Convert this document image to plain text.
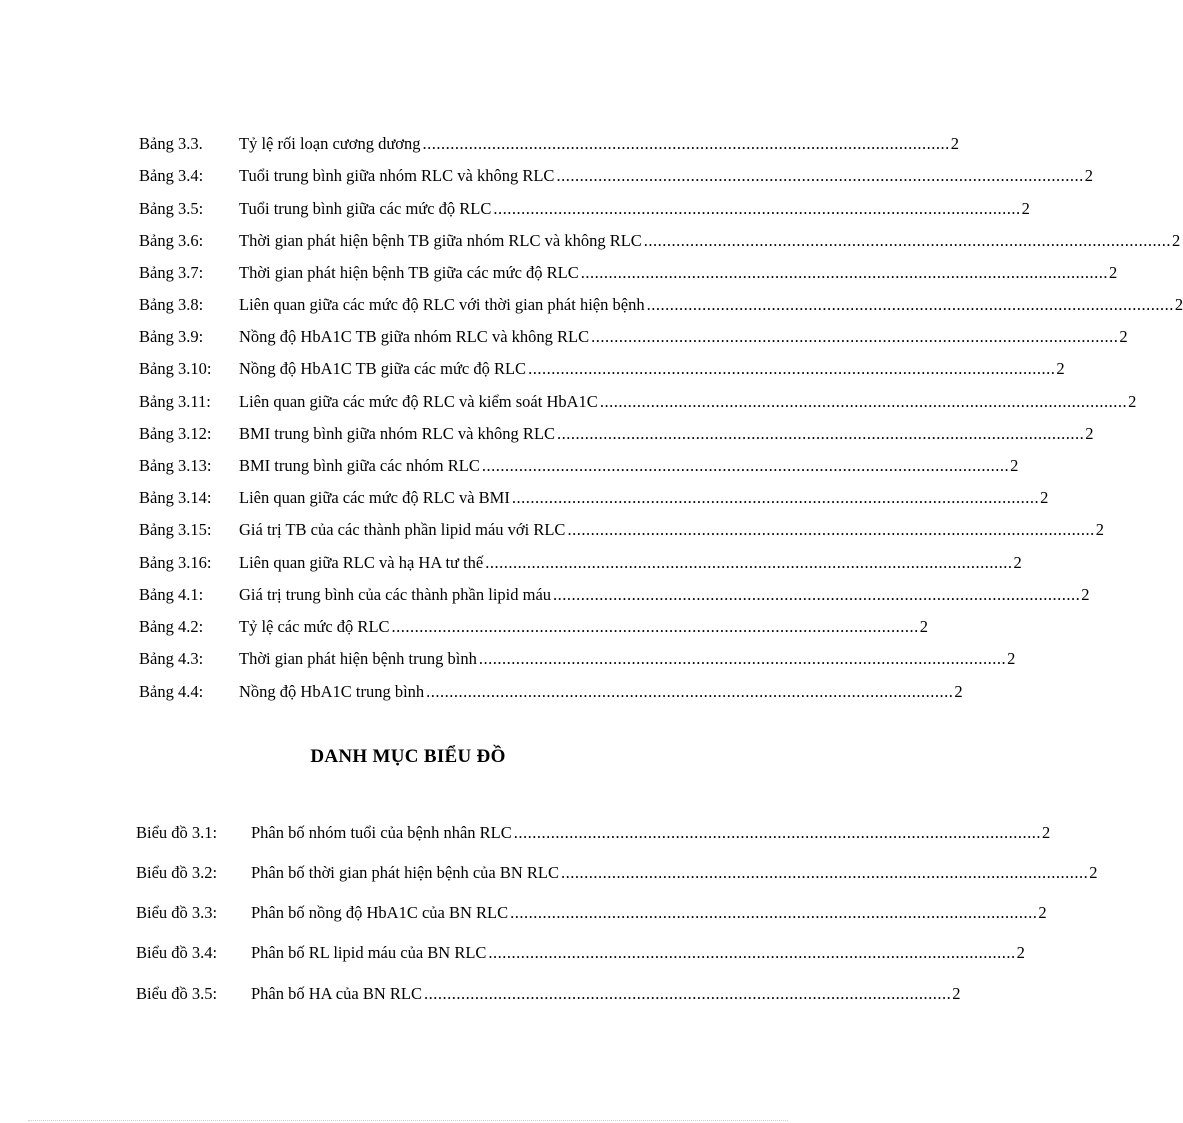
Bảng 3.3. Tỷ lệ rối loạn cương dương .................................................................................................................. 2
Bảng 3.4: Tuổi trung bình giữa nhóm RLC và không RLC .................................................................................................................. 2
Bảng 3.5: Tuổi trung bình giữa các mức độ RLC .................................................................................................................. 2
Bảng 3.6: Thời gian phát hiện bệnh TB giữa nhóm RLC và không RLC .................................................................................................................. 2
Bảng 3.7: Thời gian phát hiện bệnh TB giữa các mức độ RLC .................................................................................................................. 2
Bảng 3.8: Liên quan giữa các mức độ RLC với thời gian phát hiện bệnh .................................................................................................................. 2
Bảng 3.9: Nồng độ HbA1C TB giữa nhóm RLC và không RLC .................................................................................................................. 2
Bảng 3.10: Nồng độ HbA1C TB giữa các mức độ RLC .................................................................................................................. 2
Bảng 3.11: Liên quan giữa các mức độ RLC và kiểm soát HbA1C .................................................................................................................. 2
Bảng 3.12: BMI trung bình giữa nhóm RLC và không RLC .................................................................................................................. 2
Bảng 3.13: BMI trung bình giữa các nhóm RLC .................................................................................................................. 2
Bảng 3.14: Liên quan giữa các mức độ RLC và BMI .................................................................................................................. 2
Bảng 3.15: Giá trị TB của các thành phần lipid máu với RLC .................................................................................................................. 2
Bảng 3.16: Liên quan giữa RLC và hạ HA tư thế .................................................................................................................. 2
Bảng 4.1: Giá trị trung bình của các thành phần lipid máu .................................................................................................................. 2
Bảng 4.2: Tỷ lệ các mức độ RLC .................................................................................................................. 2
Bảng 4.3: Thời gian phát hiện bệnh trung bình .................................................................................................................. 2
Bảng 4.4: Nồng độ HbA1C trung bình .................................................................................................................. 2
DANH MỤC BIỂU ĐỒ
Biểu đồ 3.1: Phân bố nhóm tuổi của bệnh nhân RLC .................................................................................................................. 2
Biểu đồ 3.2: Phân bố thời gian phát hiện bệnh của BN RLC .................................................................................................................. 2
Biểu đồ 3.3: Phân bố nồng độ HbA1C của BN RLC .................................................................................................................. 2
Biểu đồ 3.4: Phân bố RL lipid máu của BN RLC .................................................................................................................. 2
Biểu đồ 3.5: Phân bố HA của BN RLC .................................................................................................................. 2
